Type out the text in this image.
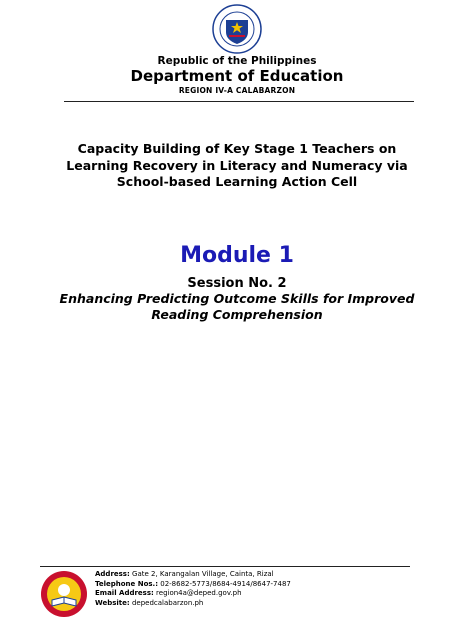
Republic of the Philippines
Department of Education
REGION IV-A CALABARZON
Capacity Building of Key Stage 1 Teachers on Learning Recovery in Literacy and Numeracy via School-based Learning Action Cell
Module 1
Session No. 2
Enhancing Predicting Outcome Skills for Improved Reading Comprehension
Address: Gate 2, Karangalan Village, Cainta, Rizal
Telephone Nos.: 02-8682-5773/8684-4914/8647-7487
Email Address: region4a@deped.gov.ph
Website: depedcalabarzon.ph
